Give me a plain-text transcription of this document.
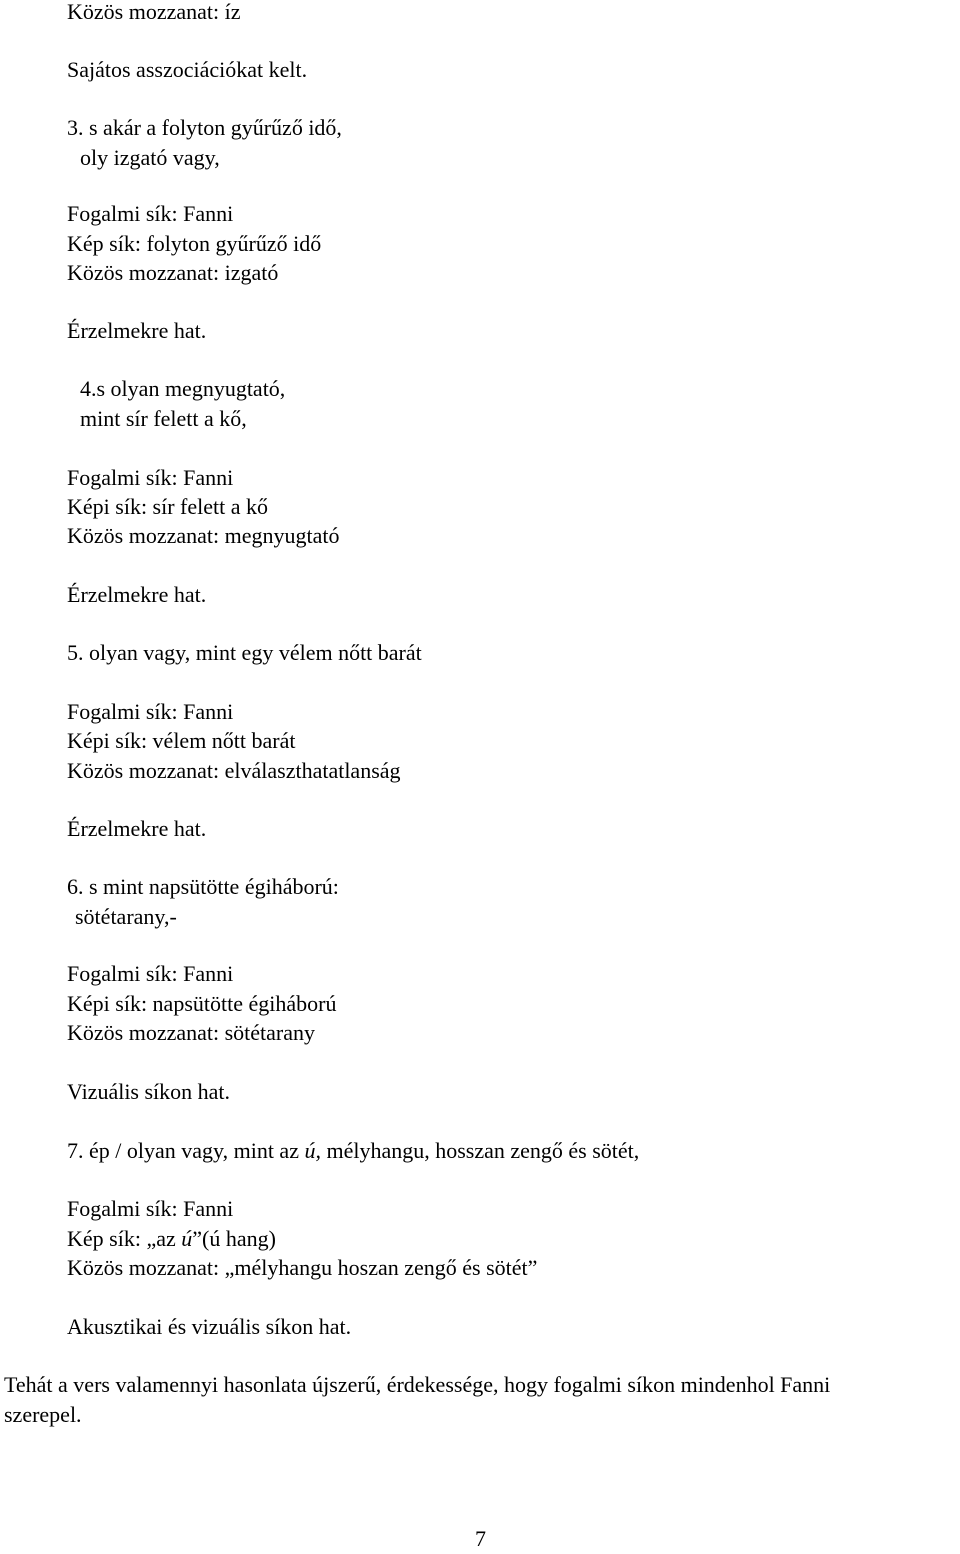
Közös mozzanat: íz
Sajátos asszociációkat kelt.
3. s akár a folyton gyűrűző idő,
oly izgató vagy,
Fogalmi sík: Fanni
Kép sík: folyton gyűrűző idő
Közös mozzanat: izgató
Érzelmekre hat.
4.s olyan megnyugtató,
mint sír felett a kő,
Fogalmi sík: Fanni
Képi sík: sír felett a kő
Közös mozzanat: megnyugtató
Érzelmekre hat.
5. olyan vagy, mint egy vélem nőtt barát
Fogalmi sík: Fanni
Képi sík: vélem nőtt barát
Közös mozzanat: elválaszthatatlanság
Érzelmekre hat.
6. s mint napsütötte égiháború:
sötétarany,-
Fogalmi sík: Fanni
Képi sík: napsütötte égiháború
Közös mozzanat: sötétarany
Vizuális síkon hat.
7. ép / olyan vagy, mint az ú, mélyhangu, hosszan zengő és sötét,
Fogalmi sík: Fanni
Kép sík: „az ú”(ú hang)
Közös mozzanat: „mélyhangu hoszan zengő és sötét”
Akusztikai és vizuális síkon hat.
Tehát a vers valamennyi hasonlata újszerű, érdekessége, hogy fogalmi síkon mindenhol Fanni
szerepel.
7
